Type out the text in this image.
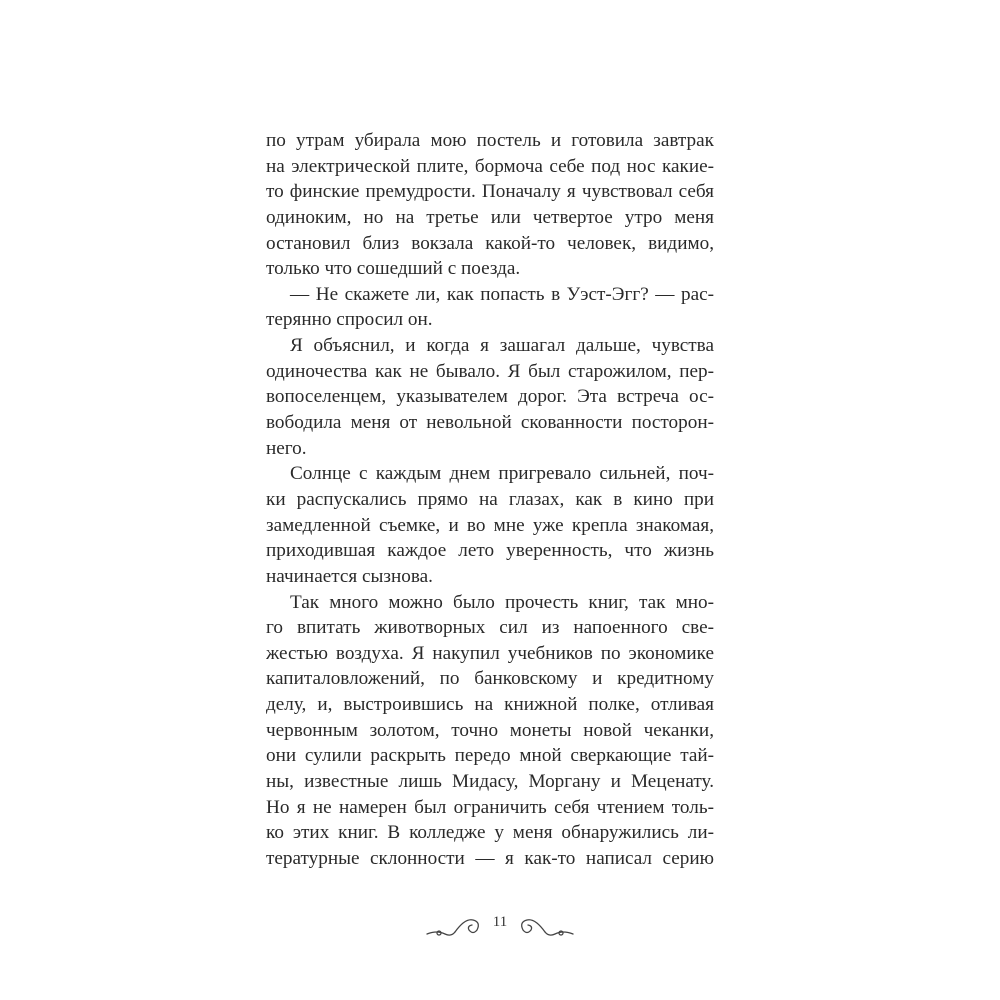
по утрам убирала мою постель и готовила завтрак
на электрической плите, бормоча себе под нос какие-
то финские премудрости. Поначалу я чувствовал себя
одиноким, но на третье или четвертое утро меня
остановил близ вокзала какой-то человек, видимо,
только что сошедший с поезда.
— Не скажете ли, как попасть в Уэст-Эгг? — рас-
терянно спросил он.
Я объяснил, и когда я зашагал дальше, чувства
одиночества как не бывало. Я был старожилом, пер-
вопоселенцем, указывателем дорог. Эта встреча ос-
вободила меня от невольной скованности посторон-
него.
Солнце с каждым днем пригревало сильней, поч-
ки распускались прямо на глазах, как в кино при
замедленной съемке, и во мне уже крепла знакомая,
приходившая каждое лето уверенность, что жизнь
начинается сызнова.
Так много можно было прочесть книг, так мно-
го впитать животворных сил из напоенного све-
жестью воздуха. Я накупил учебников по экономике
капиталовложений, по банковскому и кредитному
делу, и, выстроившись на книжной полке, отливая
червонным золотом, точно монеты новой чеканки,
они сулили раскрыть передо мной сверкающие тай-
ны, известные лишь Мидасу, Моргану и Меценату.
Но я не намерен был ограничить себя чтением толь-
ко этих книг. В колледже у меня обнаружились ли-
тературные склонности — я как-то написал серию
11
